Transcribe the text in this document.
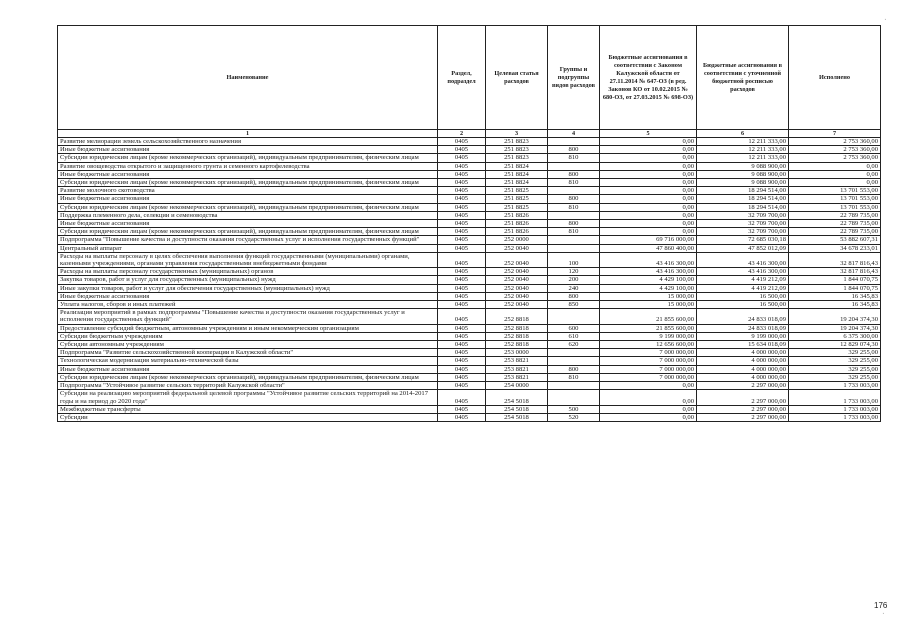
Наименование	Раздел, подраздел	Целевая статья расходов	Группы и подгруппы видов расходов	Бюджетные ассигнования в соответствии с Законом Калужской области от 27.11.2014 № 647-ОЗ (в ред. Законов КО от 10.02.2015 № 680-ОЗ, от 27.03.2015 № 698-ОЗ)	Бюджетные ассигнования в соответствии с уточненной бюджетной росписью расходов	Исполнено
1	2	3	4	5	6	7
Развитие мелиорации земель сельскохозяйственного назначения	0405	251 8823		0,00	12 211 333,00	2 753 360,00
Иные бюджетные ассигнования	0405	251 8823	800	0,00	12 211 333,00	2 753 360,00
Субсидии юридическим лицам (кроме некоммерческих организаций), индивидуальным предпринимателям, физическим лицам	0405	251 8823	810	0,00	12 211 333,00	2 753 360,00
Развитие овощеводства открытого и защищенного грунта и семенного картофелеводства	0405	251 8824		0,00	9 088 900,00	0,00
Иные бюджетные ассигнования	0405	251 8824	800	0,00	9 088 900,00	0,00
Субсидии юридическим лицам (кроме некоммерческих организаций), индивидуальным предпринимателям, физическим лицам	0405	251 8824	810	0,00	9 088 900,00	0,00
Развитие молочного скотоводства	0405	251 8825		0,00	18 294 514,00	13 701 553,00
Иные бюджетные ассигнования	0405	251 8825	800	0,00	18 294 514,00	13 701 553,00
Субсидии юридическим лицам (кроме некоммерческих организаций), индивидуальным предпринимателям, физическим лицам	0405	251 8825	810	0,00	18 294 514,00	13 701 553,00
Поддержка племенного дела, селекции и семеноводства	0405	251 8826		0,00	32 709 700,00	22 789 735,00
Иные бюджетные ассигнования	0405	251 8826	800	0,00	32 709 700,00	22 789 735,00
Субсидии юридическим лицам (кроме некоммерческих организаций), индивидуальным предпринимателям, физическим лицам	0405	251 8826	810	0,00	32 709 700,00	22 789 735,00
Подпрограмма "Повышение качества и доступности оказания государственных услуг и исполнения государственных функций"	0405	252 0000		69 716 000,00	72 685 030,18	53 882 607,31
Центральный аппарат	0405	252 0040		47 860 400,00	47 852 012,09	34 678 233,01
Расходы на выплаты персоналу в целях обеспечения выполнения функций государственными (муниципальными) органами, казенными учреждениями, органами управления государственными внебюджетными фондами	0405	252 0040	100	43 416 300,00	43 416 300,00	32 817 816,43
Расходы на выплаты персоналу государственных (муниципальных) органов	0405	252 0040	120	43 416 300,00	43 416 300,00	32 817 816,43
Закупка товаров, работ и услуг для государственных (муниципальных) нужд	0405	252 0040	200	4 429 100,00	4 419 212,09	1 844 070,75
Иные закупки товаров, работ и услуг для обеспечения государственных (муниципальных) нужд	0405	252 0040	240	4 429 100,00	4 419 212,09	1 844 070,75
Иные бюджетные ассигнования	0405	252 0040	800	15 000,00	16 500,00	16 345,83
Уплата налогов, сборов и иных платежей	0405	252 0040	850	15 000,00	16 500,00	16 345,83
Реализация мероприятий в рамках подпрограммы "Повышение качества и доступности оказания государственных услуг и исполнения государственных функций"	0405	252 8818		21 855 600,00	24 833 018,09	19 204 374,30
Предоставление субсидий бюджетным, автономным учреждениям и иным некоммерческим организациям	0405	252 8818	600	21 855 600,00	24 833 018,09	19 204 374,30
Субсидии бюджетным учреждениям	0405	252 8818	610	9 199 000,00	9 199 000,00	6 375 300,00
Субсидии автономным учреждениям	0405	252 8818	620	12 656 600,00	15 634 018,09	12 829 074,30
Подпрограмма "Развитие сельскохозяйственной кооперации в Калужской области"	0405	253 0000		7 000 000,00	4 000 000,00	329 255,00
Технологическая модернизация материально-технической базы	0405	253 8821		7 000 000,00	4 000 000,00	329 255,00
Иные бюджетные ассигнования	0405	253 8821	800	7 000 000,00	4 000 000,00	329 255,00
Субсидии юридическим лицам (кроме некоммерческих организаций), индивидуальным предпринимателям, физическим лицам	0405	253 8821	810	7 000 000,00	4 000 000,00	329 255,00
Подпрограмма "Устойчивое развитие сельских территорий Калужской области"	0405	254 0000		0,00	2 297 000,00	1 733 003,00
Субсидии на реализацию мероприятий федеральной целевой программы "Устойчивое развитие сельских территорий на 2014-2017 годы и на период до 2020 года"	0405	254 5018		0,00	2 297 000,00	1 733 003,00
Межбюджетные трансферты	0405	254 5018	500	0,00	2 297 000,00	1 733 003,00
Субсидии	0405	254 5018	520	0,00	2 297 000,00	1 733 003,00
176
ˈ
ˈ
